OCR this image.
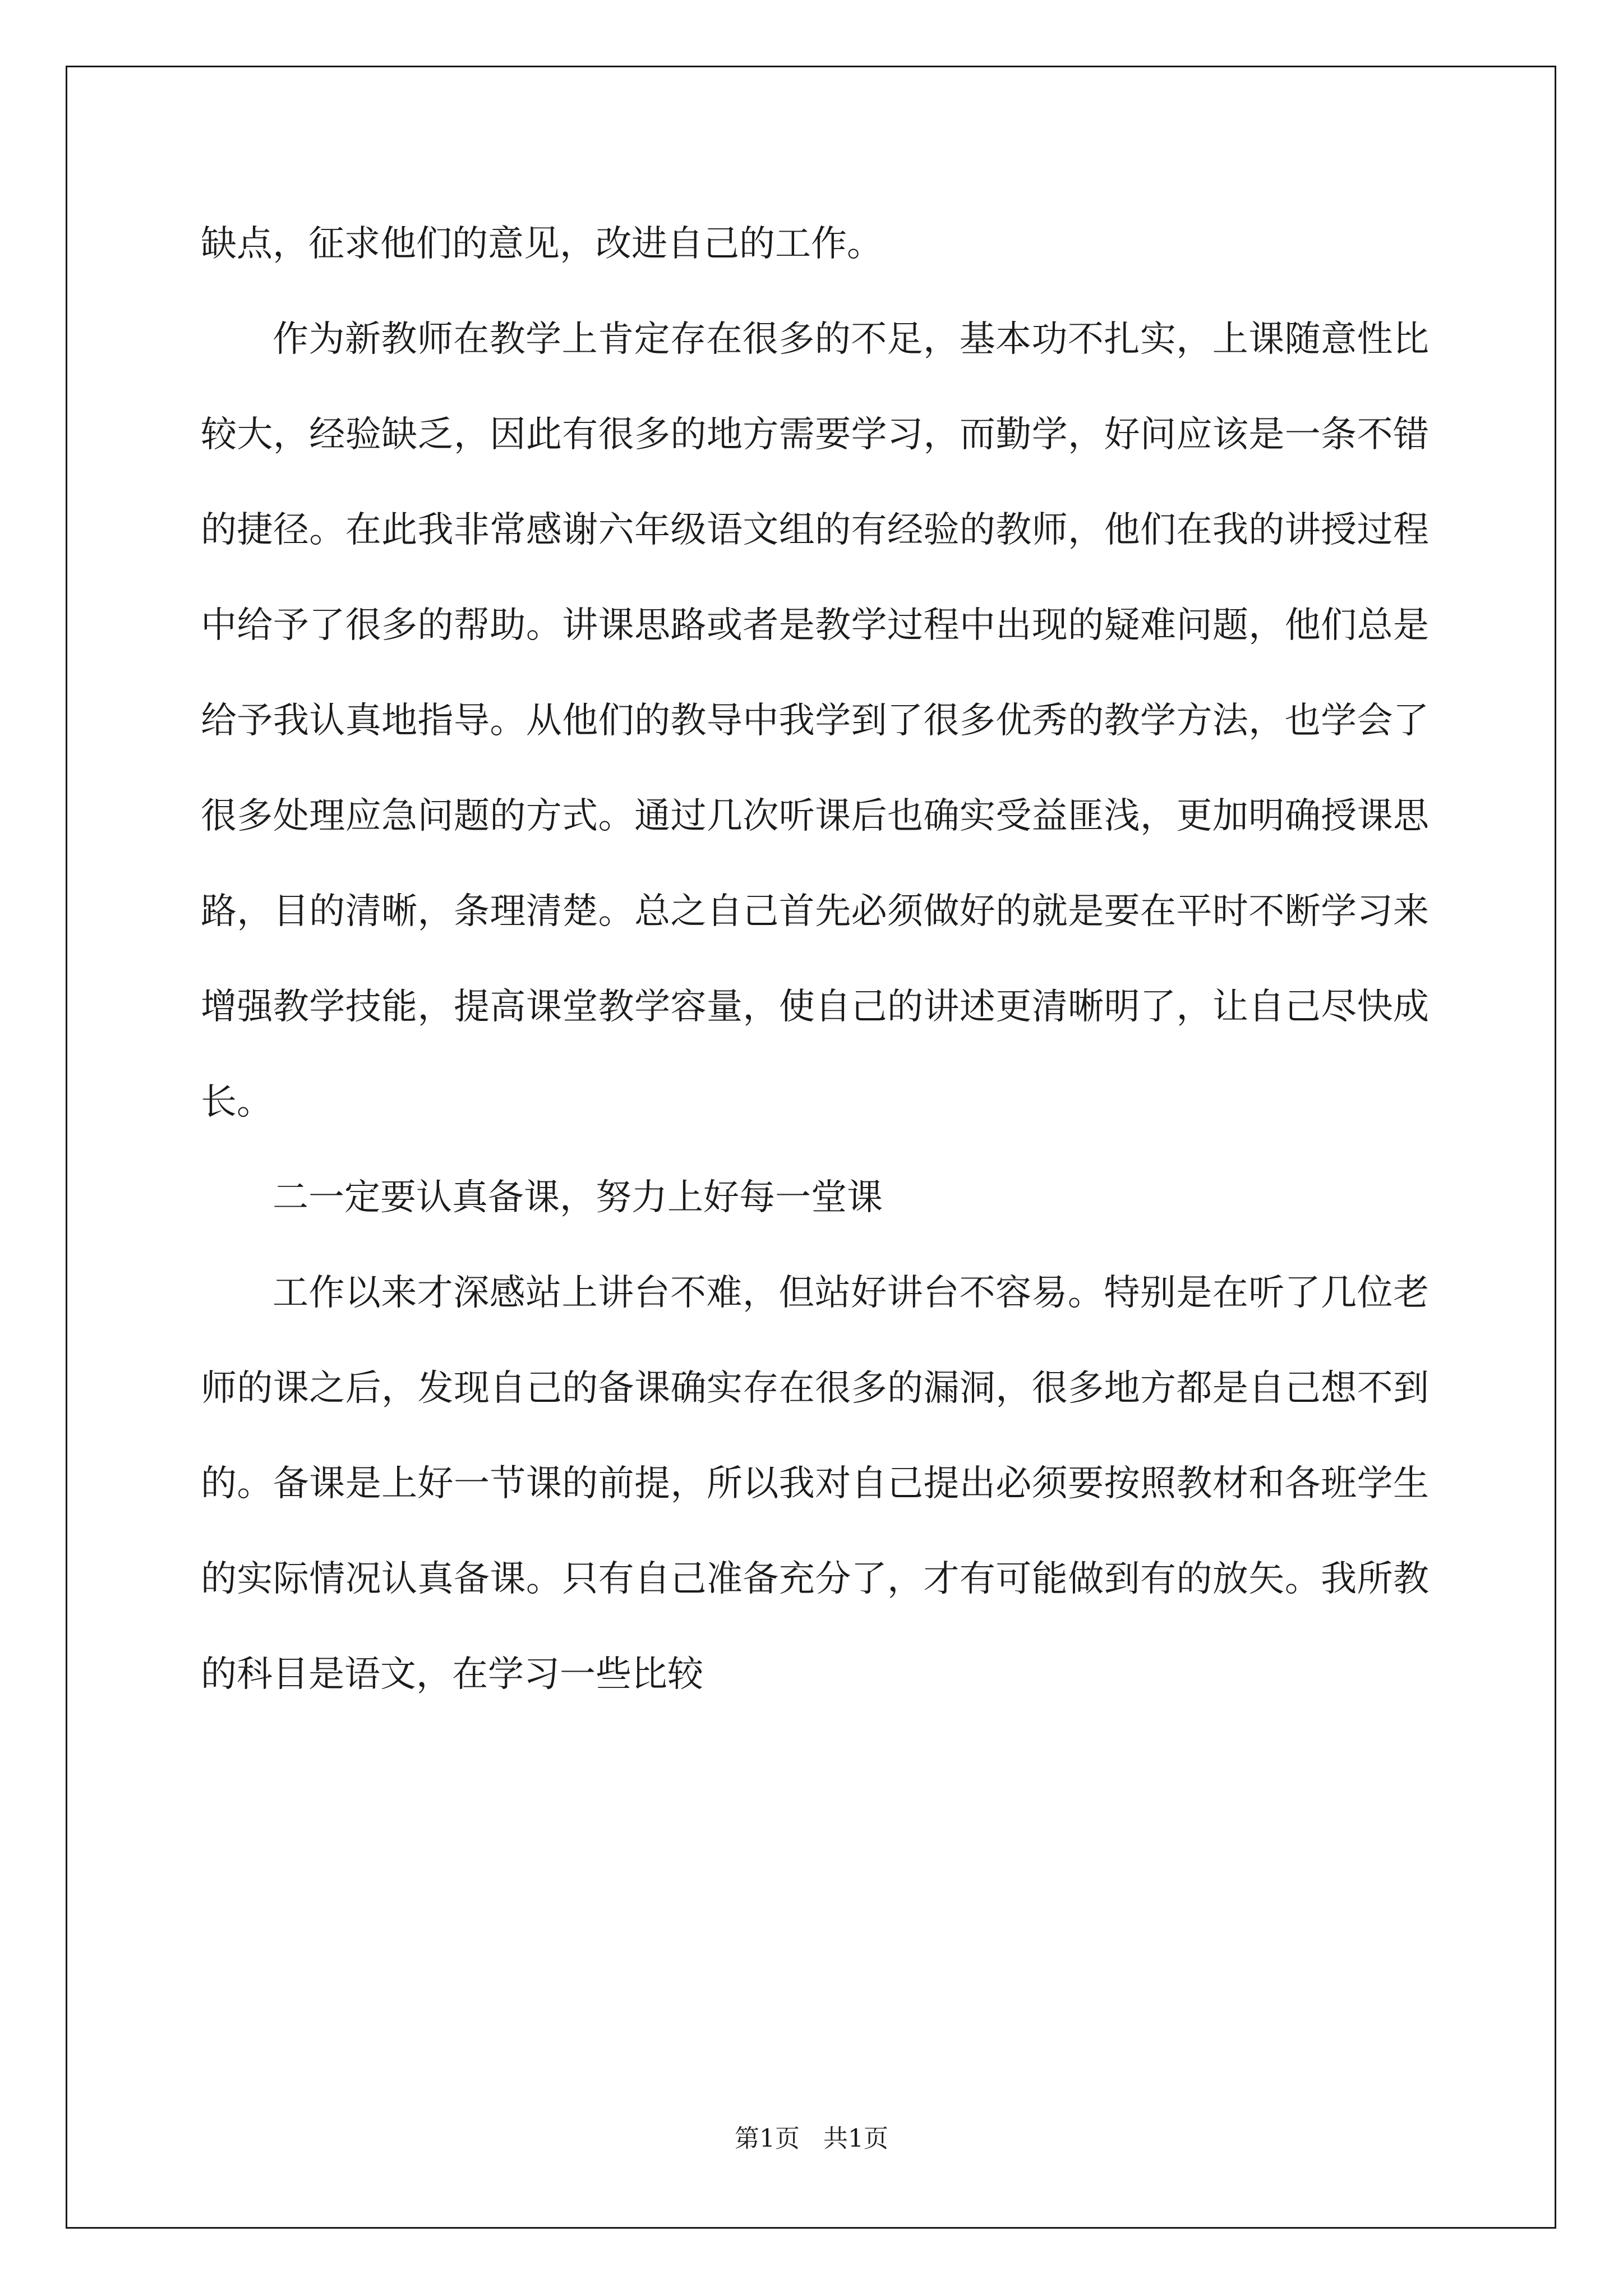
缺点，征求他们的意见，改进自己的工作。

作为新教师在教学上肯定存在很多的不足，基本功不扎实，上课随意性比较大，经验缺乏，因此有很多的地方需要学习，而勤学，好问应该是一条不错的捷径。在此我非常感谢六年级语文组的有经验的教师，他们在我的讲授过程中给予了很多的帮助。讲课思路或者是教学过程中出现的疑难问题，他们总是给予我认真地指导。从他们的教导中我学到了很多优秀的教学方法，也学会了很多处理应急问题的方式。通过几次听课后也确实受益匪浅，更加明确授课思路，目的清晰，条理清楚。总之自己首先必须做好的就是要在平时不断学习来增强教学技能，提高课堂教学容量，使自己的讲述更清晰明了，让自己尽快成长。

二一定要认真备课，努力上好每一堂课

工作以来才深感站上讲台不难，但站好讲台不容易。特别是在听了几位老师的课之后，发现自己的备课确实存在很多的漏洞，很多地方都是自己想不到的。备课是上好一节课的前提，所以我对自己提出必须要按照教材和各班学生的实际情况认真备课。只有自己准备充分了，才有可能做到有的放矢。我所教的科目是语文，在学习一些比较

第1页   共1页
